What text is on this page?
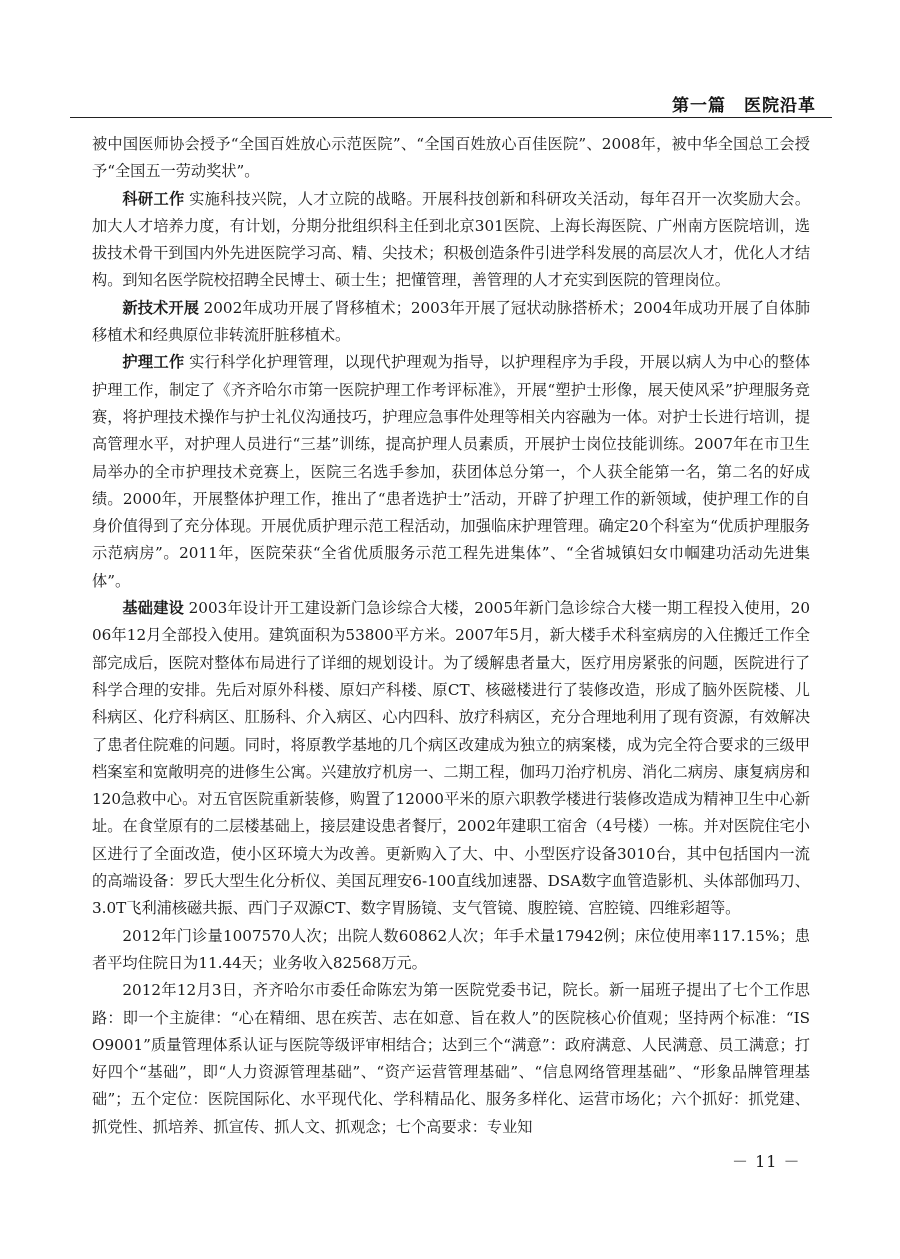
第一篇　医院沿革

被中国医师协会授予“全国百姓放心示范医院”、“全国百姓放心百佳医院”、2008年，被中华全国总工会授予“全国五一劳动奖状”。

科研工作 实施科技兴院，人才立院的战略。开展科技创新和科研攻关活动，每年召开一次奖励大会。加大人才培养力度，有计划，分期分批组织科主任到北京301医院、上海长海医院、广州南方医院培训，选拔技术骨干到国内外先进医院学习高、精、尖技术；积极创造条件引进学科发展的高层次人才，优化人才结构。到知名医学院校招聘全民博士、硕士生；把懂管理，善管理的人才充实到医院的管理岗位。

新技术开展 2002年成功开展了肾移植术；2003年开展了冠状动脉搭桥术；2004年成功开展了自体肺移植术和经典原位非转流肝脏移植术。

护理工作 实行科学化护理管理，以现代护理观为指导，以护理程序为手段，开展以病人为中心的整体护理工作，制定了《齐齐哈尔市第一医院护理工作考评标准》，开展“塑护士形像，展天使风采”护理服务竞赛，将护理技术操作与护士礼仪沟通技巧，护理应急事件处理等相关内容融为一体。对护士长进行培训，提高管理水平，对护理人员进行“三基”训练，提高护理人员素质，开展护士岗位技能训练。2007年在市卫生局举办的全市护理技术竞赛上，医院三名选手参加，获团体总分第一，个人获全能第一名，第二名的好成绩。2000年，开展整体护理工作，推出了“患者选护士”活动，开辟了护理工作的新领域，使护理工作的自身价值得到了充分体现。开展优质护理示范工程活动，加强临床护理管理。确定20个科室为“优质护理服务示范病房”。2011年，医院荣获“全省优质服务示范工程先进集体”、“全省城镇妇女巾帼建功活动先进集体”。

基础建设 2003年设计开工建设新门急诊综合大楼，2005年新门急诊综合大楼一期工程投入使用，2006年12月全部投入使用。建筑面积为53800平方米。2007年5月，新大楼手术科室病房的入住搬迁工作全部完成后，医院对整体布局进行了详细的规划设计。为了缓解患者量大，医疗用房紧张的问题，医院进行了科学合理的安排。先后对原外科楼、原妇产科楼、原CT、核磁楼进行了装修改造，形成了脑外医院楼、儿科病区、化疗科病区、肛肠科、介入病区、心内四科、放疗科病区，充分合理地利用了现有资源，有效解决了患者住院难的问题。同时，将原教学基地的几个病区改建成为独立的病案楼，成为完全符合要求的三级甲档案室和宽敞明亮的进修生公寓。兴建放疗机房一、二期工程，伽玛刀治疗机房、消化二病房、康复病房和120急救中心。对五官医院重新装修，购置了12000平米的原六职教学楼进行装修改造成为精神卫生中心新址。在食堂原有的二层楼基础上，接层建设患者餐厅，2002年建职工宿舍（4号楼）一栋。并对医院住宅小区进行了全面改造，使小区环境大为改善。更新购入了大、中、小型医疗设备3010台，其中包括国内一流的高端设备：罗氏大型生化分析仪、美国瓦理安6-100直线加速器、DSA数字血管造影机、头体部伽玛刀、3.0T飞利浦核磁共振、西门子双源CT、数字胃肠镜、支气管镜、腹腔镜、宫腔镜、四维彩超等。

2012年门诊量1007570人次；出院人数60862人次；年手术量17942例；床位使用率117.15%；患者平均住院日为11.44天；业务收入82568万元。

2012年12月3日，齐齐哈尔市委任命陈宏为第一医院党委书记，院长。新一届班子提出了七个工作思路：即一个主旋律：“心在精细、思在疾苦、志在如意、旨在救人”的医院核心价值观；坚持两个标准：“ISO9001”质量管理体系认证与医院等级评审相结合；达到三个“满意”：政府满意、人民满意、员工满意；打好四个“基础”，即“人力资源管理基础”、“资产运营管理基础”、“信息网络管理基础”、“形象品牌管理基础”；五个定位：医院国际化、水平现代化、学科精品化、服务多样化、运营市场化；六个抓好：抓党建、抓党性、抓培养、抓宣传、抓人文、抓观念；七个高要求：专业知

－ 11 －
